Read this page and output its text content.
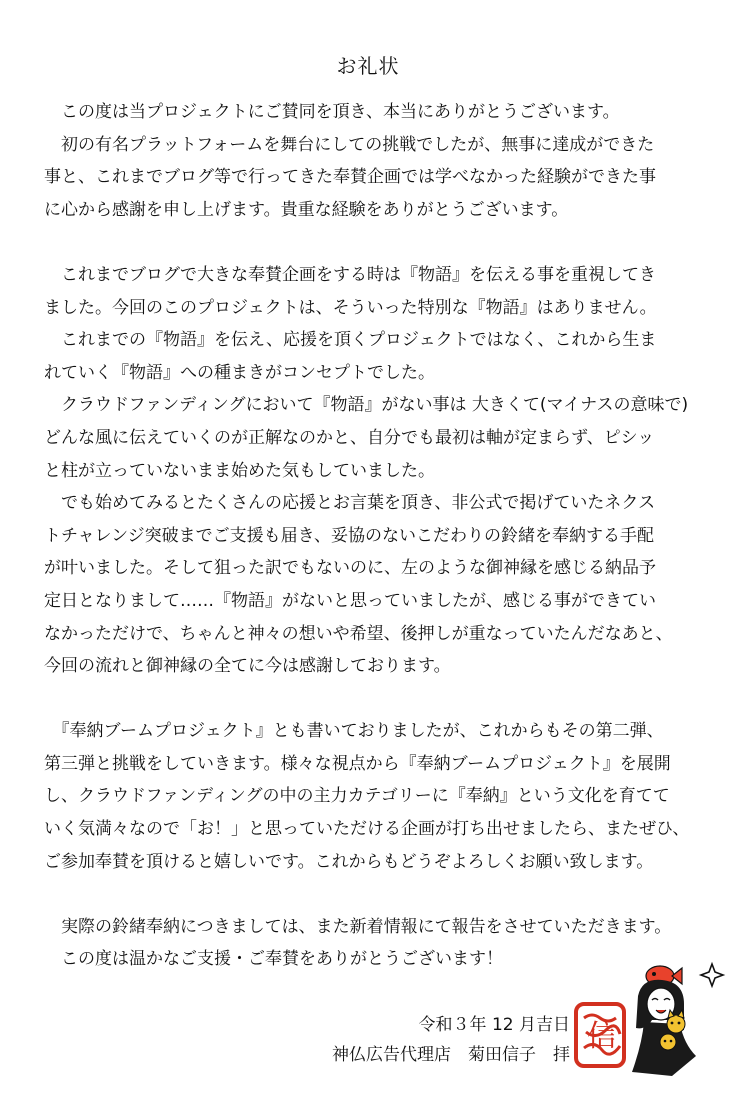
お礼状

　この度は当プロジェクトにご賛同を頂き、本当にありがとうございます。

　初の有名プラットフォームを舞台にしての挑戦でしたが、無事に達成ができた

事と、これまでブログ等で行ってきた奉賛企画では学べなかった経験ができた事

に心から感謝を申し上げます。貴重な経験をありがとうございます。

　これまでブログで大きな奉賛企画をする時は『物語』を伝える事を重視してき

ました。今回のこのプロジェクトは、そういった特別な『物語』はありません。

　これまでの『物語』を伝え、応援を頂くプロジェクトではなく、これから生ま

れていく『物語』への種まきがコンセプトでした。

　クラウドファンディングにおいて『物語』がない事は 大きくて(マイナスの意味で)

どんな風に伝えていくのが正解なのかと、自分でも最初は軸が定まらず、ピシッ

と柱が立っていないまま始めた気もしていました。

　でも始めてみるとたくさんの応援とお言葉を頂き、非公式で掲げていたネクス

トチャレンジ突破までご支援も届き、妥協のないこだわりの鈴緒を奉納する手配

が叶いました。そして狙った訳でもないのに、左のような御神縁を感じる納品予

定日となりまして……『物語』がないと思っていましたが、感じる事ができてい

なかっただけで、ちゃんと神々の想いや希望、後押しが重なっていたんだなあと、

今回の流れと御神縁の全てに今は感謝しております。

　『奉納ブームプロジェクト』とも書いておりましたが、これからもその第二弾、

第三弾と挑戦をしていきます。様々な視点から『奉納ブームプロジェクト』を展開

し、クラウドファンディングの中の主力カテゴリーに『奉納』という文化を育てて

いく気満々なので「お！」と思っていただける企画が打ち出せましたら、またぜひ、

ご参加奉賛を頂けると嬉しいです。これからもどうぞよろしくお願い致します。

　実際の鈴緒奉納につきましては、また新着情報にて報告をさせていただきます。

　この度は温かなご支援・ご奉賛をありがとうございます！

令和３年 12 月吉日

神仏広告代理店　菊田信子　拝

信
